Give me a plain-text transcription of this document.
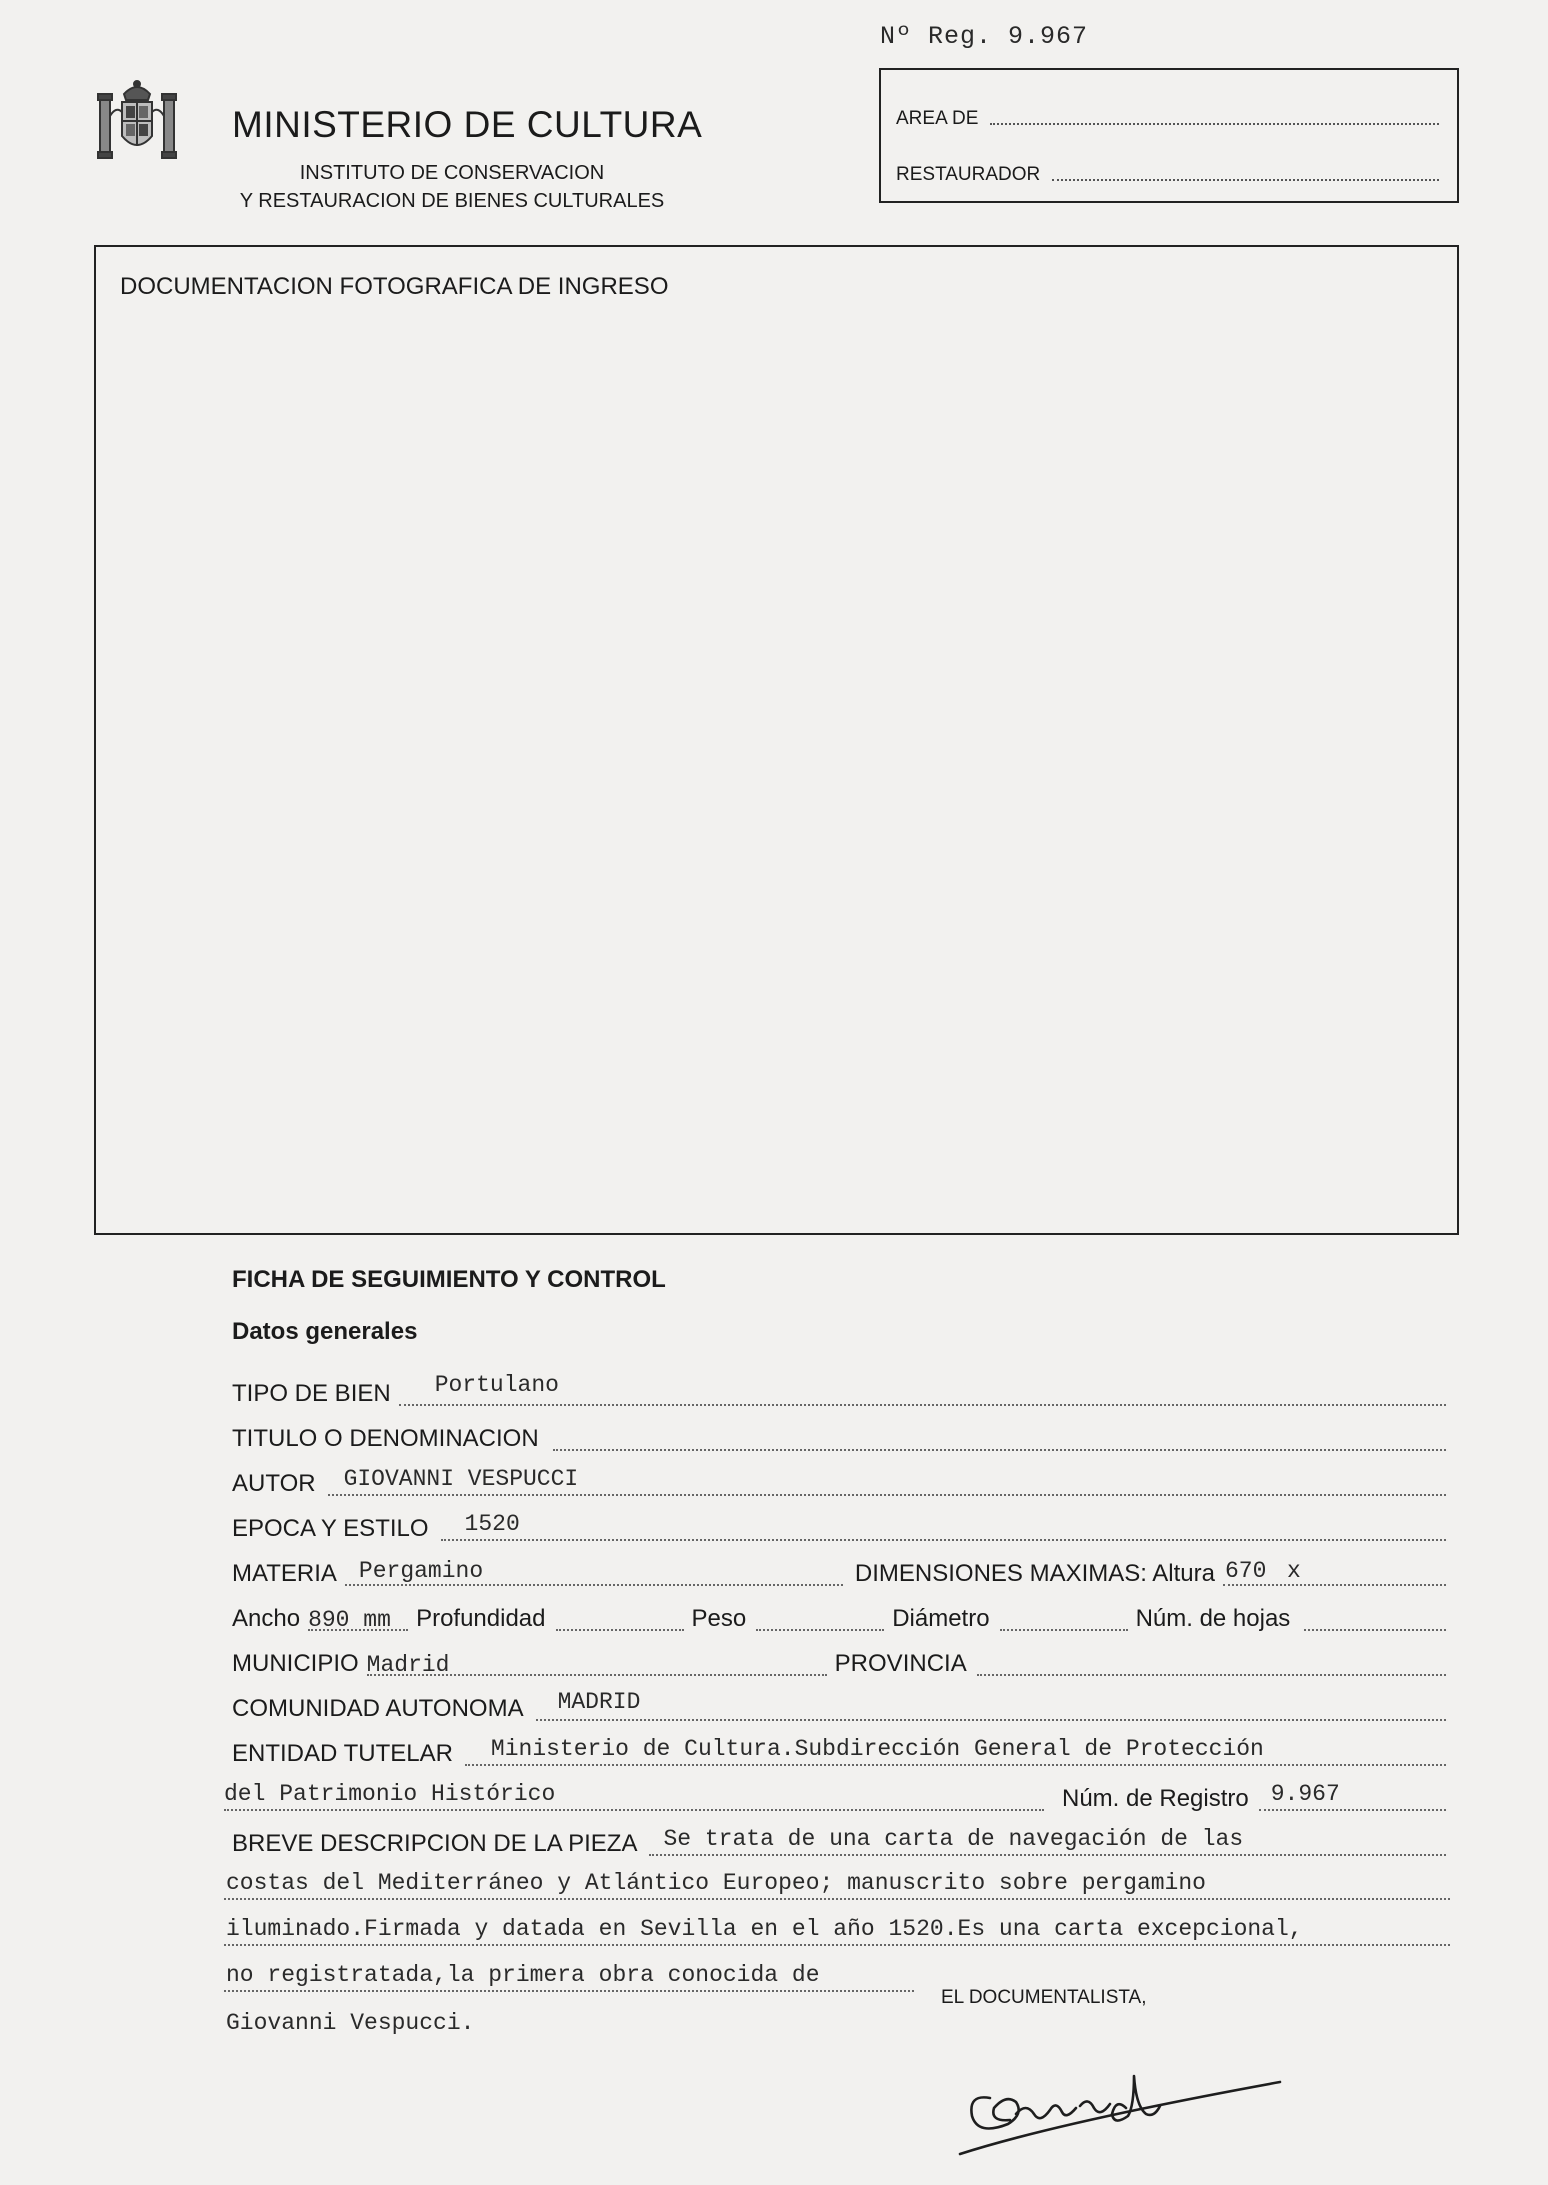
Nº Reg. 9.967
MINISTERIO DE CULTURA
INSTITUTO DE CONSERVACION
Y RESTAURACION DE BIENES CULTURALES
AREA DE
RESTAURADOR
DOCUMENTACION FOTOGRAFICA DE INGRESO
FICHA DE SEGUIMIENTO Y CONTROL
Datos generales
TIPO DE BIEN Portulano
TITULO O DENOMINACION
AUTOR GIOVANNI VESPUCCI
EPOCA Y ESTILO 1520
MATERIA Pergamino	DIMENSIONES MAXIMAS: Altura 670 x
Ancho 890 mm Profundidad	Peso	Diámetro	Núm. de hojas
MUNICIPIO Madrid	PROVINCIA
COMUNIDAD AUTONOMA MADRID
ENTIDAD TUTELAR Ministerio de Cultura.Subdirección General de Protección
del Patrimonio Histórico	Núm. de Registro 9.967
BREVE DESCRIPCION DE LA PIEZA Se trata de una carta de navegación de las
costas del Mediterráneo y Atlántico Europeo; manuscrito sobre pergamino
iluminado.Firmada y datada en Sevilla en el año 1520.Es una carta excepcional,
no registratada,la primera obra conocida de
Giovanni Vespucci.
EL DOCUMENTALISTA,
